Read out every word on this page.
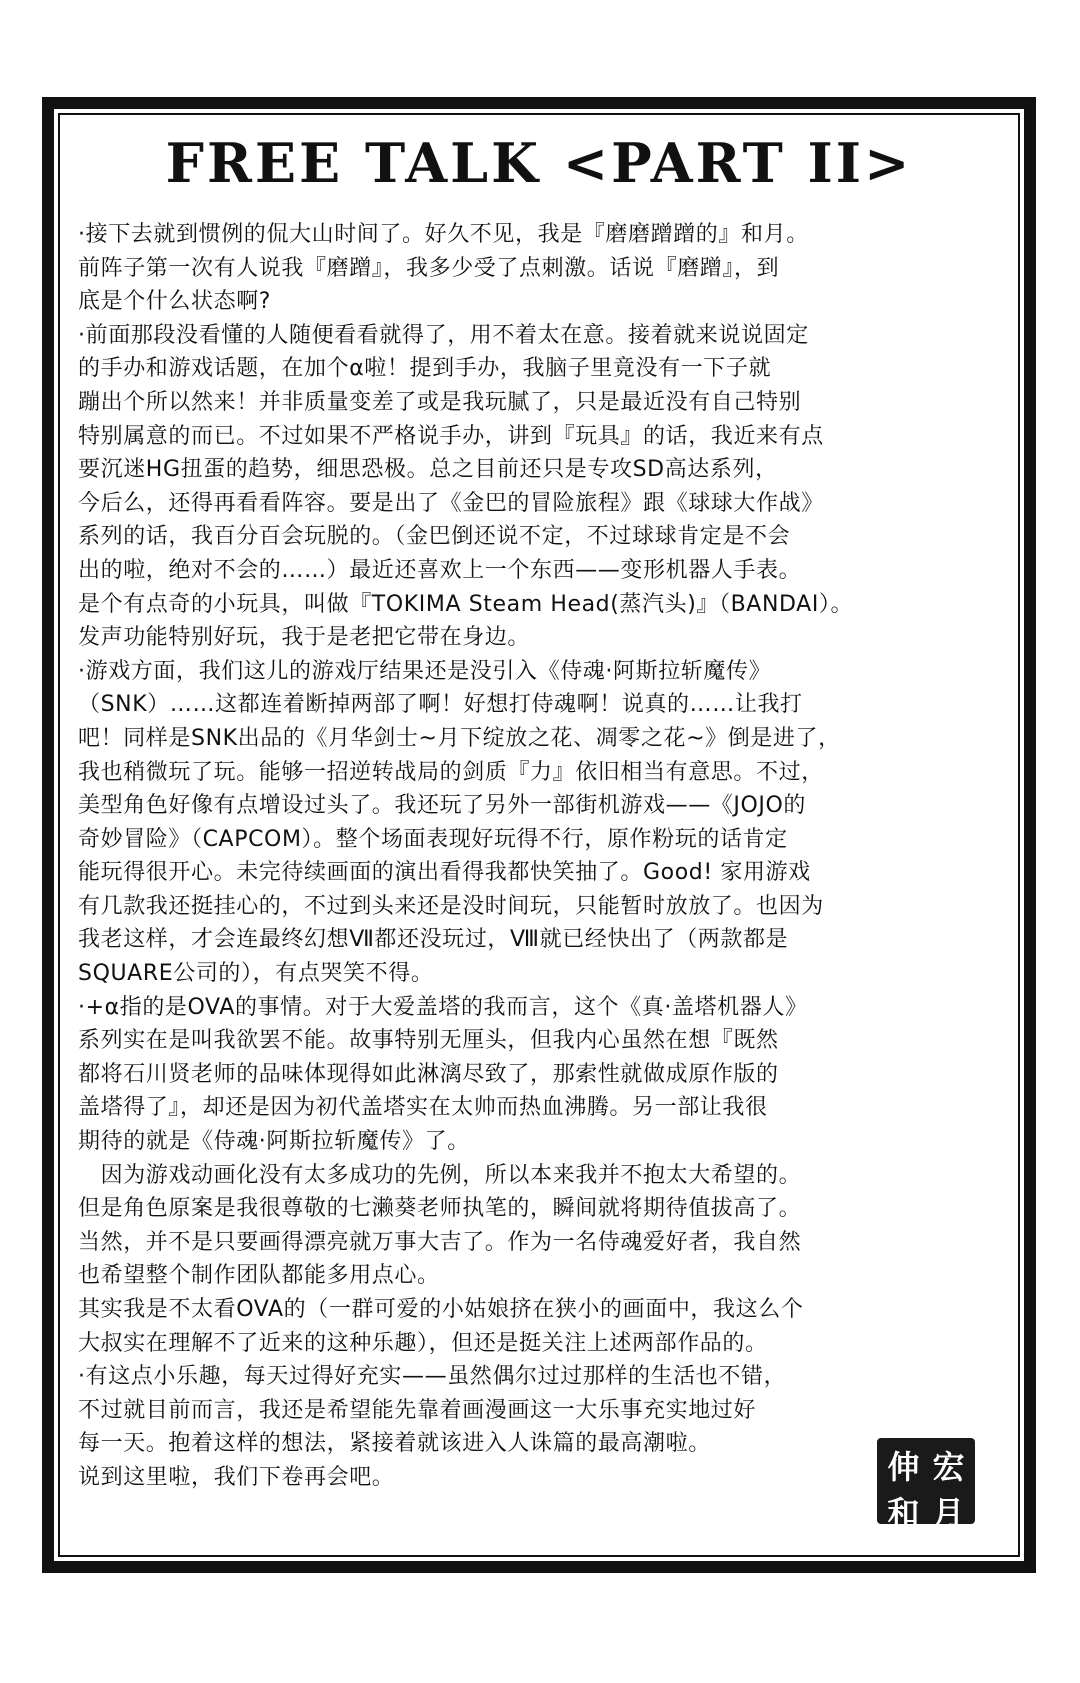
FREE TALK <PART II>
·接下去就到惯例的侃大山时间了。好久不见，我是『磨磨蹭蹭的』和月。
前阵子第一次有人说我『磨蹭』，我多少受了点刺激。话说『磨蹭』，到
底是个什么状态啊?
·前面那段没看懂的人随便看看就得了，用不着太在意。接着就来说说固定
的手办和游戏话题，在加个α啦！提到手办，我脑子里竟没有一下子就
蹦出个所以然来！并非质量变差了或是我玩腻了，只是最近没有自己特别
特别属意的而已。不过如果不严格说手办，讲到『玩具』的话，我近来有点
要沉迷HG扭蛋的趋势，细思恐极。总之目前还只是专攻SD高达系列，
今后么，还得再看看阵容。要是出了《金巴的冒险旅程》跟《球球大作战》
系列的话，我百分百会玩脱的。（金巴倒还说不定，不过球球肯定是不会
出的啦，绝对不会的……）最近还喜欢上一个东西——变形机器人手表。
是个有点奇的小玩具，叫做『TOKIMA Steam Head(蒸汽头)』（BANDAI）。
发声功能特别好玩，我于是老把它带在身边。
·游戏方面，我们这儿的游戏厅结果还是没引入《侍魂·阿斯拉斩魔传》
（SNK）……这都连着断掉两部了啊！好想打侍魂啊！说真的……让我打
吧！同样是SNK出品的《月华剑士~月下绽放之花、凋零之花~》倒是进了，
我也稍微玩了玩。能够一招逆转战局的剑质『力』依旧相当有意思。不过，
美型角色好像有点增设过头了。我还玩了另外一部街机游戏——《JOJO的
奇妙冒险》（CAPCOM）。整个场面表现好玩得不行，原作粉玩的话肯定
能玩得很开心。未完待续画面的演出看得我都快笑抽了。Good! 家用游戏
有几款我还挺挂心的，不过到头来还是没时间玩，只能暂时放放了。也因为
我老这样，才会连最终幻想Ⅶ都还没玩过，Ⅷ就已经快出了（两款都是
SQUARE公司的），有点哭笑不得。
·+α指的是OVA的事情。对于大爱盖塔的我而言，这个《真·盖塔机器人》
系列实在是叫我欲罢不能。故事特别无厘头，但我内心虽然在想『既然
都将石川贤老师的品味体现得如此淋漓尽致了，那索性就做成原作版的
盖塔得了』，却还是因为初代盖塔实在太帅而热血沸腾。另一部让我很
期待的就是《侍魂·阿斯拉斩魔传》了。
　因为游戏动画化没有太多成功的先例，所以本来我并不抱太大希望的。
但是角色原案是我很尊敬的七濑葵老师执笔的，瞬间就将期待值拔高了。
当然，并不是只要画得漂亮就万事大吉了。作为一名侍魂爱好者，我自然
也希望整个制作团队都能多用点心。
其实我是不太看OVA的（一群可爱的小姑娘挤在狭小的画面中，我这么个
大叔实在理解不了近来的这种乐趣），但还是挺关注上述两部作品的。
·有这点小乐趣，每天过得好充实——虽然偶尔过过那样的生活也不错，
不过就目前而言，我还是希望能先靠着画漫画这一大乐事充实地过好
每一天。抱着这样的想法，紧接着就该进入人诛篇的最高潮啦。
说到这里啦，我们下卷再会吧。	伸 宏
和 月
